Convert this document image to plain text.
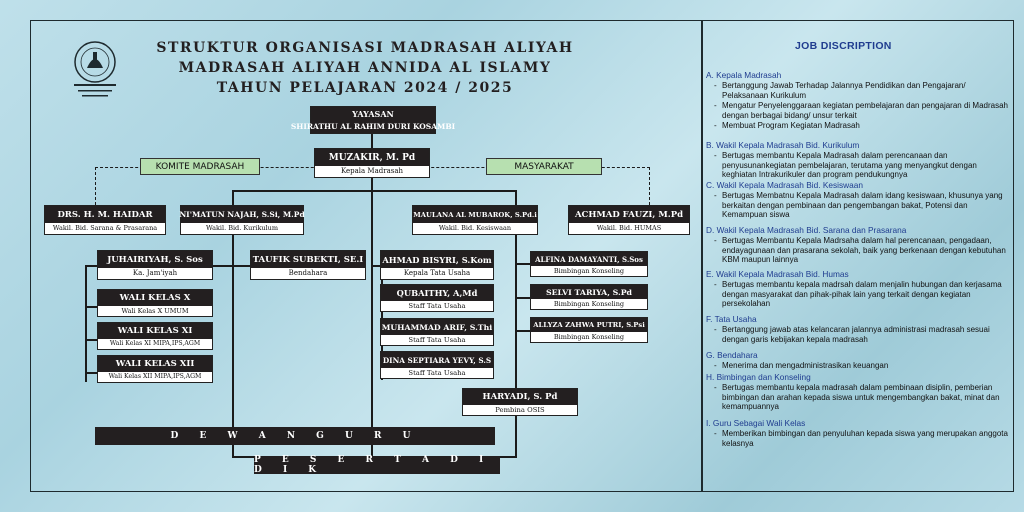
STRUKTUR ORGANISASI MADRASAH ALIYAH
MADRASAH ALIYAH ANNIDA AL ISLAMY
TAHUN PELAJARAN 2024 / 2025
YAYASAN
SHIRATHU AL RAHIM DURI KOSAMBI
MUZAKIR, M. Pd
Kepala Madrasah
KOMITE MADRASAH	MASYARAKAT
DRS. H. M. HAIDAR
Wakil. Bid. Sarana & Prasarana
NI'MATUN NAJAH, S.Si, M.Pd
Wakil. Bid. Kurikulum
MAULANA AL MUBAROK, S.Pd.i
Wakil. Bid. Kesiswaan
ACHMAD FAUZI, M.Pd
Wakil. Bid. HUMAS
JUHAIRIYAH, S. Sos
Ka. Jam'iyah
WALI KELAS X
Wali Kelas X UMUM
WALI KELAS XI
Wali Kelas XI MIPA,IPS,AGM
WALI KELAS XII
Wali Kelas XII MIPA,IPS,AGM
TAUFIK SUBEKTI, SE.I
Bendahara
AHMAD BISYRI, S.Kom
Kepala Tata Usaha
QUBAITHY, A,Md
Staff Tata Usaha
MUHAMMAD ARIF, S.Thi
Staff Tata Usaha
DINA SEPTIARA YEVY, S.S
Staff Tata Usaha
ALFINA DAMAYANTI, S.Sos
Bimbingan Konseling
SELVI TARIYA, S.Pd
Bimbingan Konseling
ALLYZA ZAHWA PUTRI, S.Psi
Bimbingan Konseling
HARYADI, S. Pd
Pembina OSIS
D E W A N G U R U
P E S E R T A D I D I K
JOB DISCRIPTION
A. Kepala Madrasah
- Bertanggung Jawab Terhadap Jalannya Pendidikan dan Pengajaran/ Pelaksanaan Kurikulum
- Mengatur Penyelenggaraan kegiatan pembelajaran dan pengajaran di Madrasah dengan berbagai bidang/ unsur terkait
- Membuat Program Kegiatan Madrasah
B. Wakil Kepala Madrasah Bid. Kurikulum
- Bertugas membantu Kepala Madrasah dalam perencanaan dan penyusunankegiatan pembelajaran, terutama yang menyangkut dengan keghiatan Intrakurikuler dan program pendukungnya
C. Wakil Kepala Madrasah Bid. Kesiswaan
- Bertugas Membatnu Kepala Madrasah dalam idang kesiswaan, khusunya yang berkaitan dengan pembinaan dan pengembangan bakat, Potensi dan Kemampuan siswa
D. Wakil Kepala Madrasah Bid. Sarana dan Prasarana
- Bertugas Membantu Kepala Madrsaha dalam hal perencanaan, pengadaan, endayagunaan dan prasarana sekolah, baik yang berkenaan dengan kebutuhan KBM maupun lainnya
E. Wakil Kepala Madrasah Bid. Humas
- Bertugas membantu kepala madrsah dalam menjalin hubungan dan kerjasama dengan masyarakat dan pihak-pihak lain yang terkait dengan kegiatan persekolahan
F. Tata Usaha
- Bertanggung jawab atas kelancaran jalannya administrasi madrasah sesuai dengan garis kebijakan kepala madrasah
G. Bendahara
- Menerima dan mengadministrasikan keuangan
H. Bimbingan dan Konseling
- Bertugas membantu kepala madrasah dalam pembinaan disiplin, pemberian bimbingan dan arahan kepada siswa untuk mengembangkan bakat, minat dan kemampuannya
I. Guru Sebagai Wali Kelas
- Memberikan bimbingan dan penyuluhan kepada siswa yang merupakan anggota kelasnya
